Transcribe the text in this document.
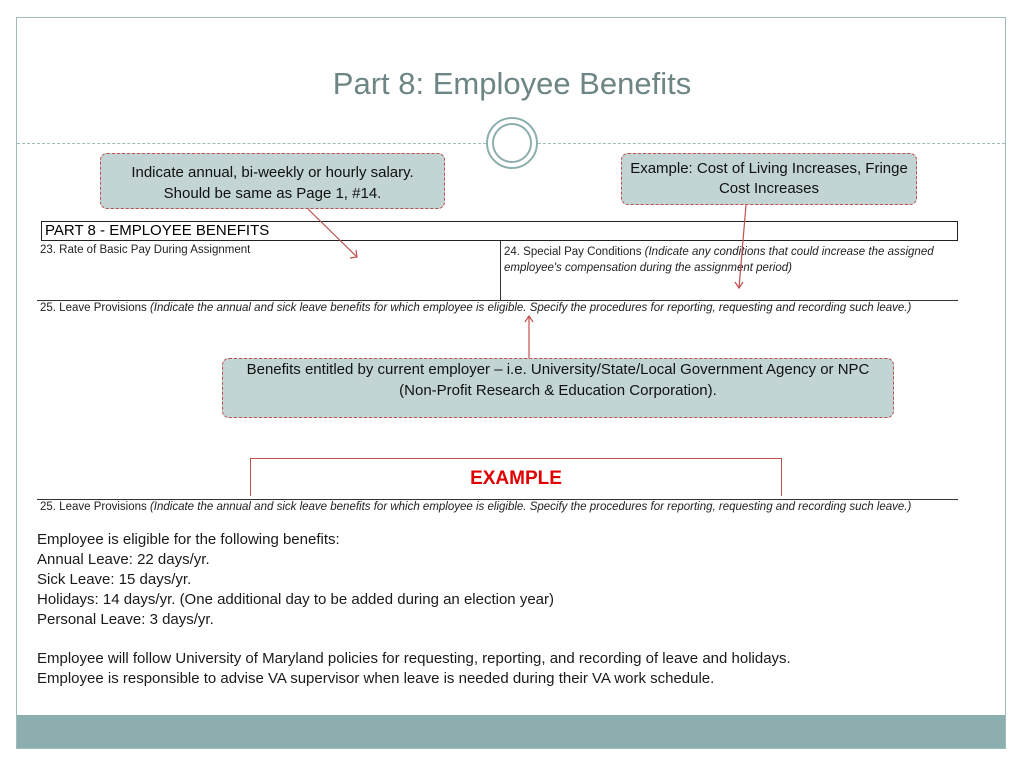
Part 8: Employee Benefits
Indicate annual, bi-weekly or hourly salary. Should be same as Page 1, #14.
Example: Cost of Living Increases, Fringe Cost Increases
PART 8 - EMPLOYEE BENEFITS
23. Rate of Basic Pay During Assignment	24. Special Pay Conditions (Indicate any conditions that could increase the assigned employee's compensation during the assignment period)
25. Leave Provisions (Indicate the annual and sick leave benefits for which employee is eligible. Specify the procedures for reporting, requesting and recording such leave.)
Benefits entitled by current employer – i.e. University/State/Local Government Agency or NPC (Non-Profit Research & Education Corporation).
EXAMPLE
25. Leave Provisions (Indicate the annual and sick leave benefits for which employee is eligible. Specify the procedures for reporting, requesting and recording such leave.)
Employee is eligible for the following benefits:
Annual Leave: 22 days/yr.
Sick Leave: 15 days/yr.
Holidays: 14 days/yr. (One additional day to be added during an election year)
Personal Leave: 3 days/yr.
Employee will follow University of Maryland policies for requesting, reporting, and recording of leave and holidays.
Employee is responsible to advise VA supervisor when leave is needed during their VA work schedule.
